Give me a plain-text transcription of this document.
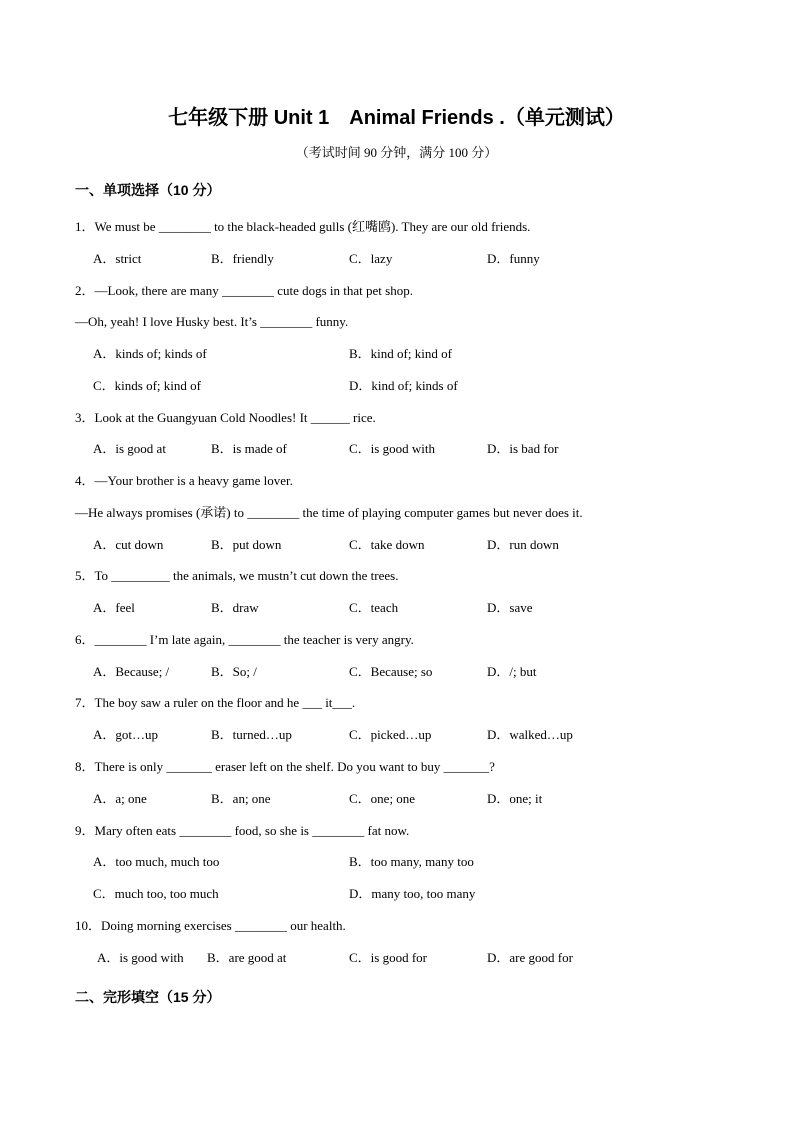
七年级下册 Unit 1　Animal Friends .（单元测试）
（考试时间 90 分钟，满分 100 分）
一、单项选择（10 分）
1．We must be ________ to the black-headed gulls (红嘴鸥). They are our old friends.
A．strict	B．friendly	C．lazy	D．funny
2．—Look, there are many ________ cute dogs in that pet shop.
—Oh, yeah! I love Husky best. It’s ________ funny.
A．kinds of; kinds of	B．kind of; kind of
C．kinds of; kind of	D．kind of; kinds of
3．Look at the Guangyuan Cold Noodles! It ______ rice.
A．is good at	B．is made of	C．is good with	D．is bad for
4．—Your brother is a heavy game lover.
—He always promises (承诺) to ________ the time of playing computer games but never does it.
A．cut down	B．put down	C．take down	D．run down
5．To _________ the animals, we mustn’t cut down the trees.
A．feel	B．draw	C．teach	D．save
6．________ I’m late again, ________ the teacher is very angry.
A．Because; /	B．So; /	C．Because; so	D．/; but
7．The boy saw a ruler on the floor and he ___ it___.
A．got…up	B．turned…up	C．picked…up	D．walked…up
8．There is only _______ eraser left on the shelf. Do you want to buy _______?
A．a; one	B．an; one	C．one; one	D．one; it
9．Mary often eats ________ food, so she is ________ fat now.
A．too much, much too	B．too many, many too
C．much too, too much	D．many too, too many
10．Doing morning exercises ________ our health.
A．is good with B．are good at	C．is good for	D．are good for
二、完形填空（15 分）
